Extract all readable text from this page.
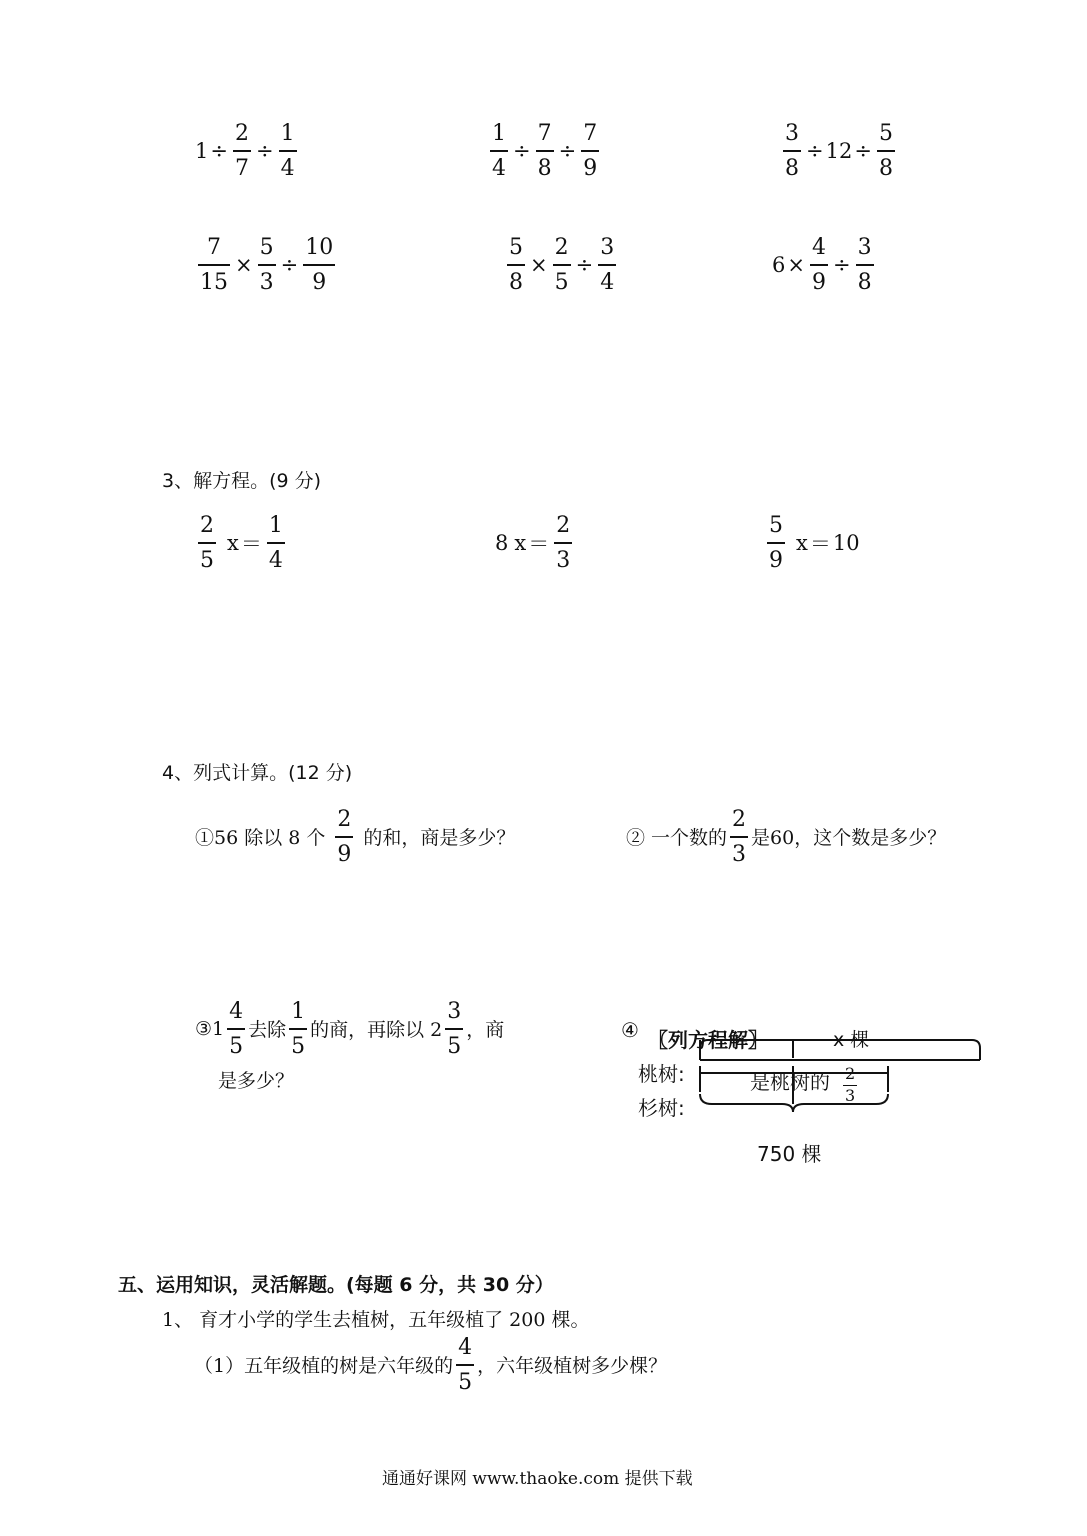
$1 \div \frac{2}{7} \div \frac{1}{4}$	$\frac{1}{4} \div \frac{7}{8} \div \frac{7}{9}$	$\frac{3}{8} \div 12 \div \frac{5}{8}$
$\frac{7}{15} \times \frac{5}{3} \div \frac{10}{9}$	$\frac{5}{8} \times \frac{2}{5} \div \frac{3}{4}$	$6 \times \frac{4}{9} \div \frac{3}{8}$
3、解方程。(9 分)
$\frac{2}{5}$ $x = \frac{1}{4}$	8 $x = \frac{2}{3}$	$\frac{5}{9}$ x ＝ 10
4、列式计算。(12 分)
①56 除以 8 个 $\frac{2}{9}$ 的和，商是多少？	② 一个数的 $\frac{2}{3}$ 是60，这个数是多少？
③1 $\frac{4}{5}$ 去除 $\frac{1}{5}$ 的商，再除以 $2 \frac{3}{5}$ ，商
是多少？
④ 〖列方程解〗	x 棵
桃树:
杉树:
是桃树的 $\frac{2}{3}$
750 棵
五、运用知识，灵活解题。(每题 6 分，共 30 分）
1、 育才小学的学生去植树，五年级植了 200 棵。
（1）五年级植的树是六年级的 $\frac{4}{5}$ ，六年级植树多少棵？
通通好课网 www.thaoke.com 提供下载
